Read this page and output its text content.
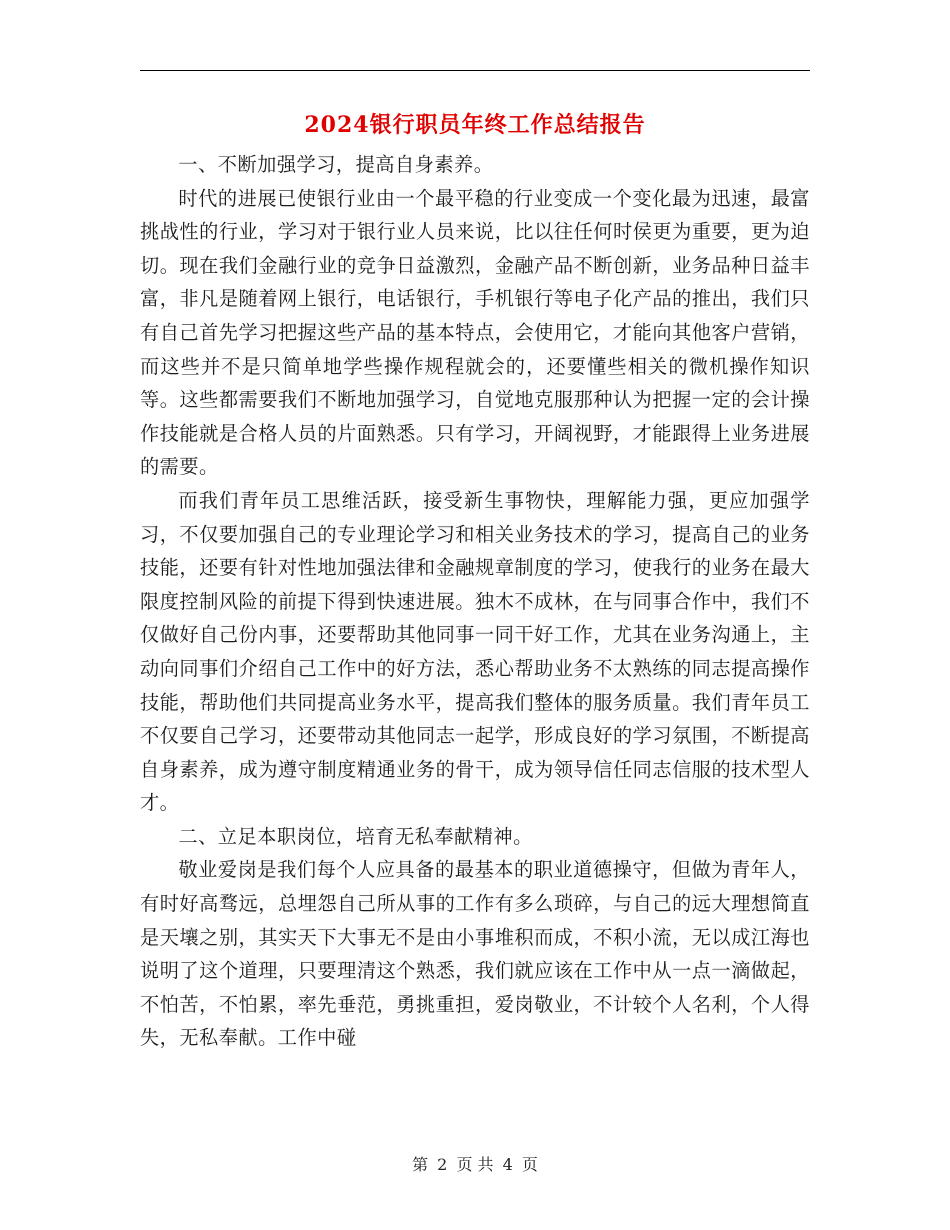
2024银行职员年终工作总结报告

一、不断加强学习，提高自身素养。

时代的进展已使银行业由一个最平稳的行业变成一个变化最为迅速，最富挑战性的行业，学习对于银行业人员来说，比以往任何时侯更为重要，更为迫切。现在我们金融行业的竞争日益激烈，金融产品不断创新，业务品种日益丰富，非凡是随着网上银行，电话银行，手机银行等电子化产品的推出，我们只有自己首先学习把握这些产品的基本特点，会使用它，才能向其他客户营销，而这些并不是只简单地学些操作规程就会的，还要懂些相关的微机操作知识等。这些都需要我们不断地加强学习，自觉地克服那种认为把握一定的会计操作技能就是合格人员的片面熟悉。只有学习，开阔视野，才能跟得上业务进展的需要。

而我们青年员工思维活跃，接受新生事物快，理解能力强，更应加强学习，不仅要加强自己的专业理论学习和相关业务技术的学习，提高自己的业务技能，还要有针对性地加强法律和金融规章制度的学习，使我行的业务在最大限度控制风险的前提下得到快速进展。独木不成林，在与同事合作中，我们不仅做好自己份内事，还要帮助其他同事一同干好工作，尤其在业务沟通上，主动向同事们介绍自己工作中的好方法，悉心帮助业务不太熟练的同志提高操作技能，帮助他们共同提高业务水平，提高我们整体的服务质量。我们青年员工不仅要自己学习，还要带动其他同志一起学，形成良好的学习氛围，不断提高自身素养，成为遵守制度精通业务的骨干，成为领导信任同志信服的技术型人才。

二、立足本职岗位，培育无私奉献精神。

敬业爱岗是我们每个人应具备的最基本的职业道德操守，但做为青年人，有时好高骛远，总埋怨自己所从事的工作有多么琐碎，与自己的远大理想简直是天壤之别，其实天下大事无不是由小事堆积而成，不积小流，无以成江海也说明了这个道理，只要理清这个熟悉，我们就应该在工作中从一点一滴做起，不怕苦，不怕累，率先垂范，勇挑重担，爱岗敬业，不计较个人名利，个人得失，无私奉献。工作中碰

第 2 页 共 4 页
